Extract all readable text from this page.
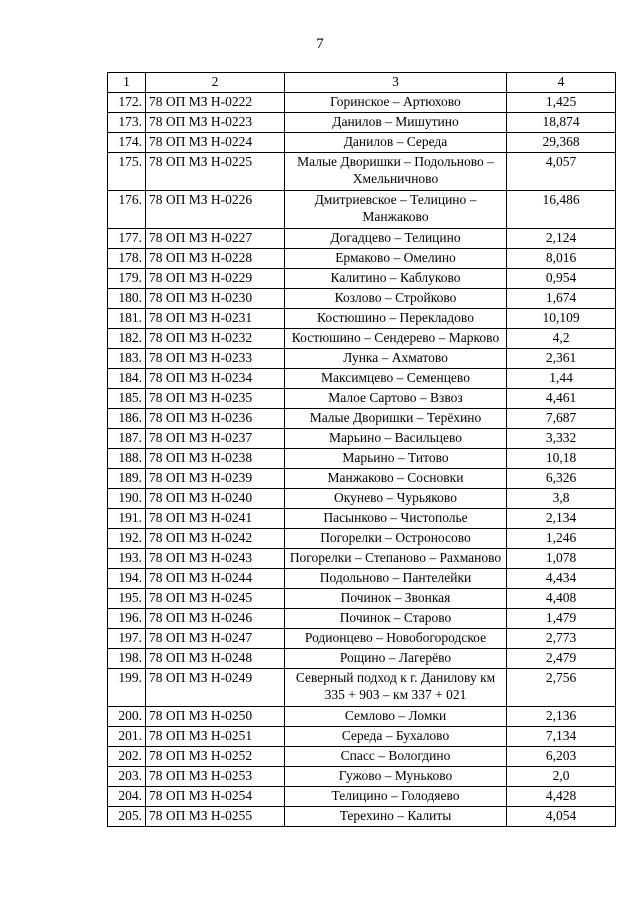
7
1	2	3	4
172.	78 ОП МЗ Н-0222	Горинское – Артюхово	1,425
173.	78 ОП МЗ Н-0223	Данилов – Мишутино	18,874
174.	78 ОП МЗ Н-0224	Данилов – Середа	29,368
175.	78 ОП МЗ Н-0225	Малые Дворишки – Подольново – Хмельничново	4,057
176.	78 ОП МЗ Н-0226	Дмитриевское – Телицино – Манжаково	16,486
177.	78 ОП МЗ Н-0227	Догадцево – Телицино	2,124
178.	78 ОП МЗ Н-0228	Ермаково – Омелино	8,016
179.	78 ОП МЗ Н-0229	Калитино – Каблуково	0,954
180.	78 ОП МЗ Н-0230	Козлово – Стройково	1,674
181.	78 ОП МЗ Н-0231	Костюшино – Перекладово	10,109
182.	78 ОП МЗ Н-0232	Костюшино – Сендерево – Марково	4,2
183.	78 ОП МЗ Н-0233	Лунка – Ахматово	2,361
184.	78 ОП МЗ Н-0234	Максимцево – Семенцево	1,44
185.	78 ОП МЗ Н-0235	Малое Сартово – Взвоз	4,461
186.	78 ОП МЗ Н-0236	Малые Дворишки – Терёхино	7,687
187.	78 ОП МЗ Н-0237	Марьино – Васильцево	3,332
188.	78 ОП МЗ Н-0238	Марьино – Титово	10,18
189.	78 ОП МЗ Н-0239	Манжаково – Сосновки	6,326
190.	78 ОП МЗ Н-0240	Окунево – Чурьяково	3,8
191.	78 ОП МЗ Н-0241	Пасынково – Чистополье	2,134
192.	78 ОП МЗ Н-0242	Погорелки – Остроносово	1,246
193.	78 ОП МЗ Н-0243	Погорелки – Степаново – Рахманово	1,078
194.	78 ОП МЗ Н-0244	Подольново – Пантелейки	4,434
195.	78 ОП МЗ Н-0245	Починок – Звонкая	4,408
196.	78 ОП МЗ Н-0246	Починок – Старово	1,479
197.	78 ОП МЗ Н-0247	Родионцево – Новобогородское	2,773
198.	78 ОП МЗ Н-0248	Рощино – Лагерёво	2,479
199.	78 ОП МЗ Н-0249	Северный подход к г. Данилову км 335 + 903 – км 337 + 021	2,756
200.	78 ОП МЗ Н-0250	Семлово – Ломки	2,136
201.	78 ОП МЗ Н-0251	Середа – Бухалово	7,134
202.	78 ОП МЗ Н-0252	Спасс – Вологдино	6,203
203.	78 ОП МЗ Н-0253	Гужово – Муньково	2,0
204.	78 ОП МЗ Н-0254	Телицино – Голодяево	4,428
205.	78 ОП МЗ Н-0255	Терехино – Калиты	4,054
